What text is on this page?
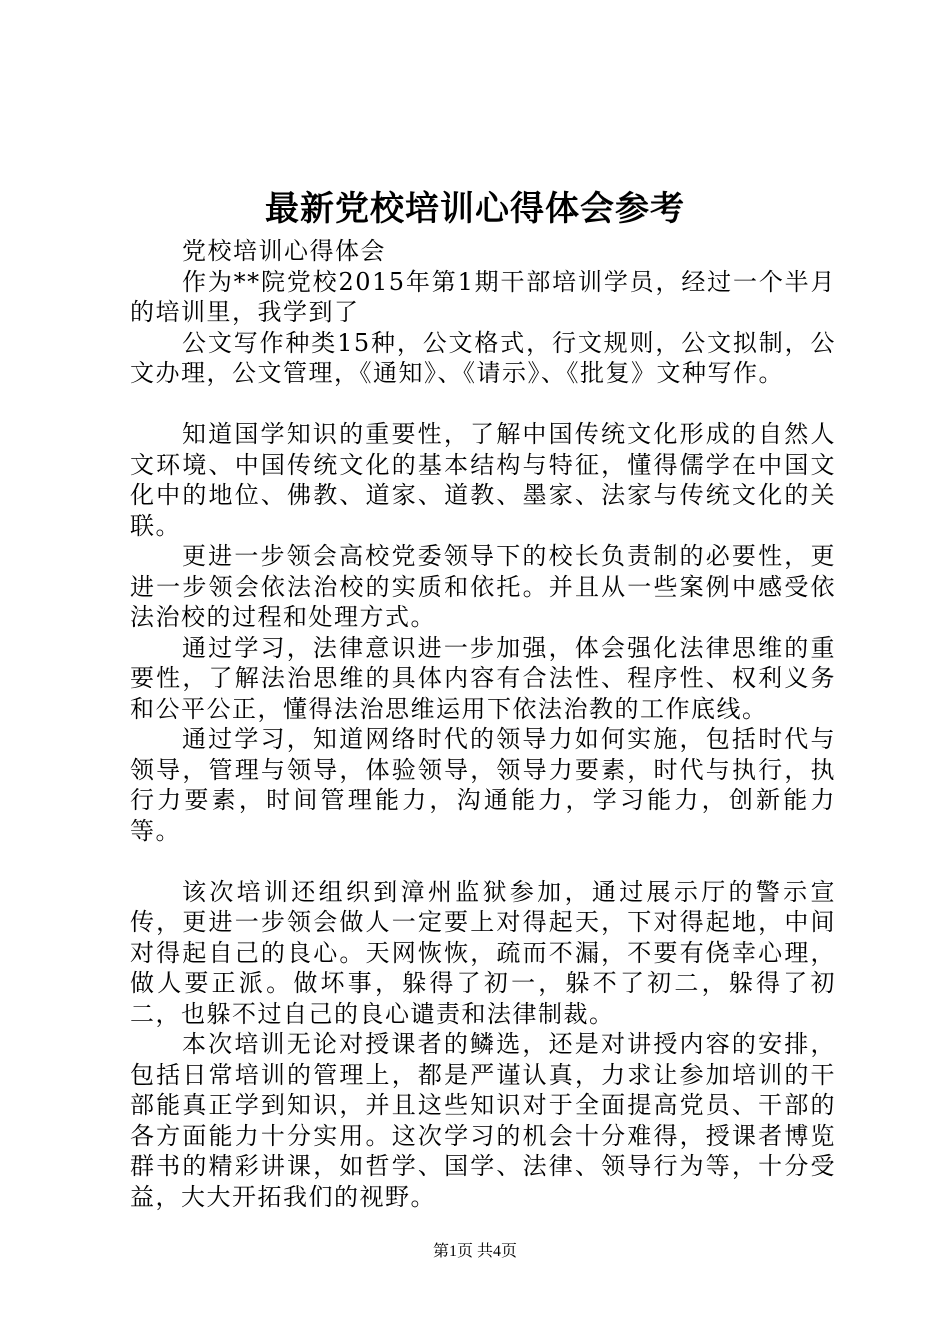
最新党校培训心得体会参考

党校培训心得体会

作为**院党校2015年第1期干部培训学员，经过一个半月的培训里，我学到了

公文写作种类15种，公文格式，行文规则，公文拟制，公文办理，公文管理，《通知》、《请示》、《批复》文种写作。

知道国学知识的重要性，了解中国传统文化形成的自然人文环境、中国传统文化的基本结构与特征，懂得儒学在中国文化中的地位、佛教、道家、道教、墨家、法家与传统文化的关联。

更进一步领会高校党委领导下的校长负责制的必要性，更进一步领会依法治校的实质和依托。并且从一些案例中感受依法治校的过程和处理方式。

通过学习，法律意识进一步加强，体会强化法律思维的重要性，了解法治思维的具体内容有合法性、程序性、权利义务和公平公正，懂得法治思维运用下依法治教的工作底线。

通过学习，知道网络时代的领导力如何实施，包括时代与领导，管理与领导，体验领导，领导力要素，时代与执行，执行力要素，时间管理能力，沟通能力，学习能力，创新能力等。

该次培训还组织到漳州监狱参加，通过展示厅的警示宣传，更进一步领会做人一定要上对得起天，下对得起地，中间对得起自己的良心。天网恢恢，疏而不漏，不要有侥幸心理，做人要正派。做坏事，躲得了初一，躲不了初二，躲得了初二，也躲不过自己的良心谴责和法律制裁。

本次培训无论对授课者的鳞选，还是对讲授内容的安排，包括日常培训的管理上，都是严谨认真，力求让参加培训的干部能真正学到知识，并且这些知识对于全面提高党员、干部的各方面能力十分实用。这次学习的机会十分难得，授课者博览群书的精彩讲课，如哲学、国学、法律、领导行为等，十分受益，大大开拓我们的视野。

第1页 共4页
